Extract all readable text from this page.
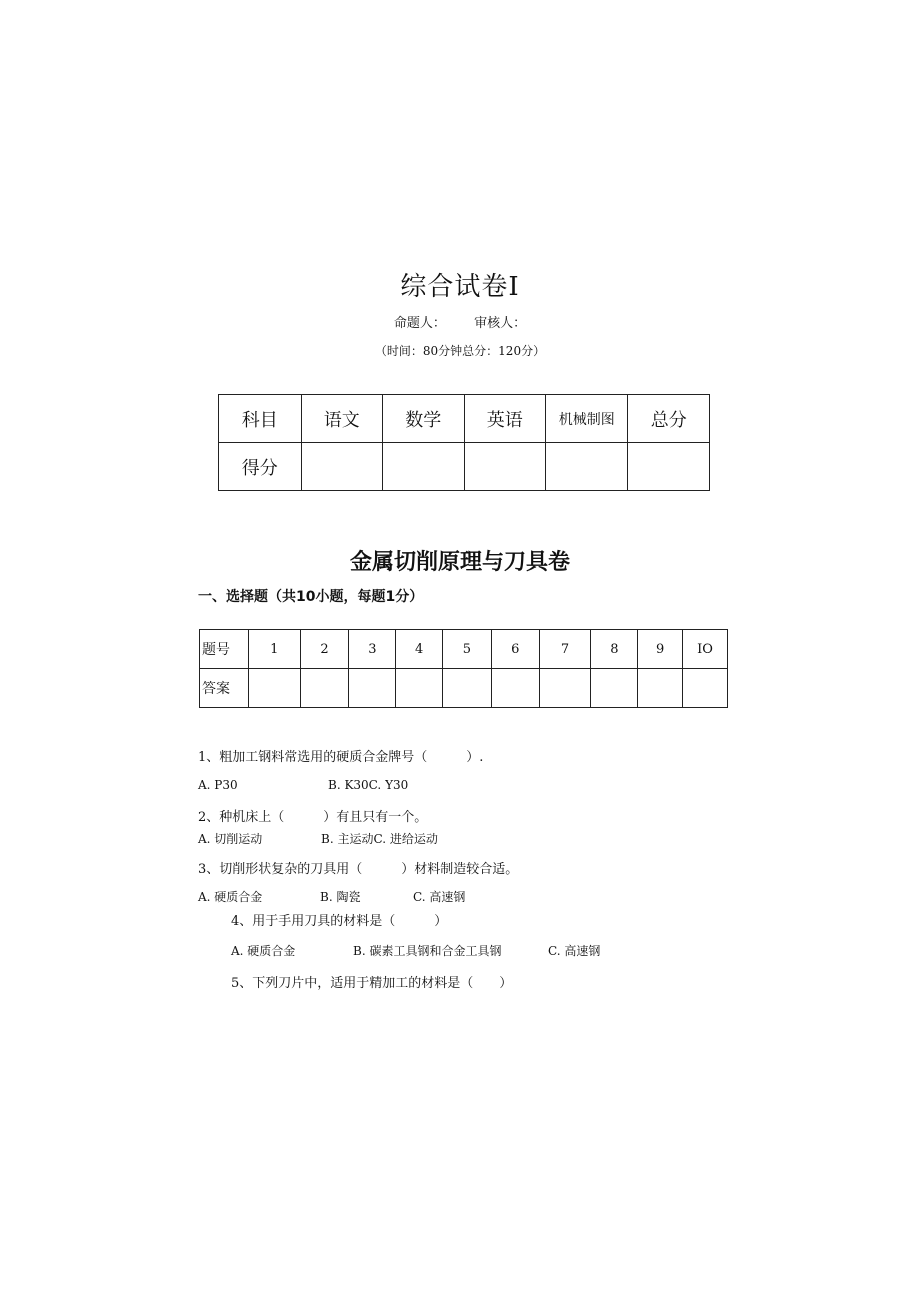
综合试卷I
命题人： 审核人：
（时间：80分钟总分：120分）
科目	语文	数学	英语	机械制图	总分
得分					
金属切削原理与刀具卷
一、选择题（共10小题，每题1分）
题号	1	2	3	4	5	6	7	8	9	IO
答案										
1、粗加工钢料常选用的硬质合金牌号（　　　）.
A. P30	B. K30C. Y30
2、种机床上（　　　）有且只有一个。
A. 切削运动	B. 主运动C. 进给运动
3、切削形状复杂的刀具用（　　　）材料制造较合适。
A. 硬质合金	B. 陶瓷	C. 高速钢
4、用于手用刀具的材料是（　　　）
A. 硬质合金	B. 碳素工具钢和合金工具钢	C. 高速钢
5、下列刀片中，适用于精加工的材料是（　　）
